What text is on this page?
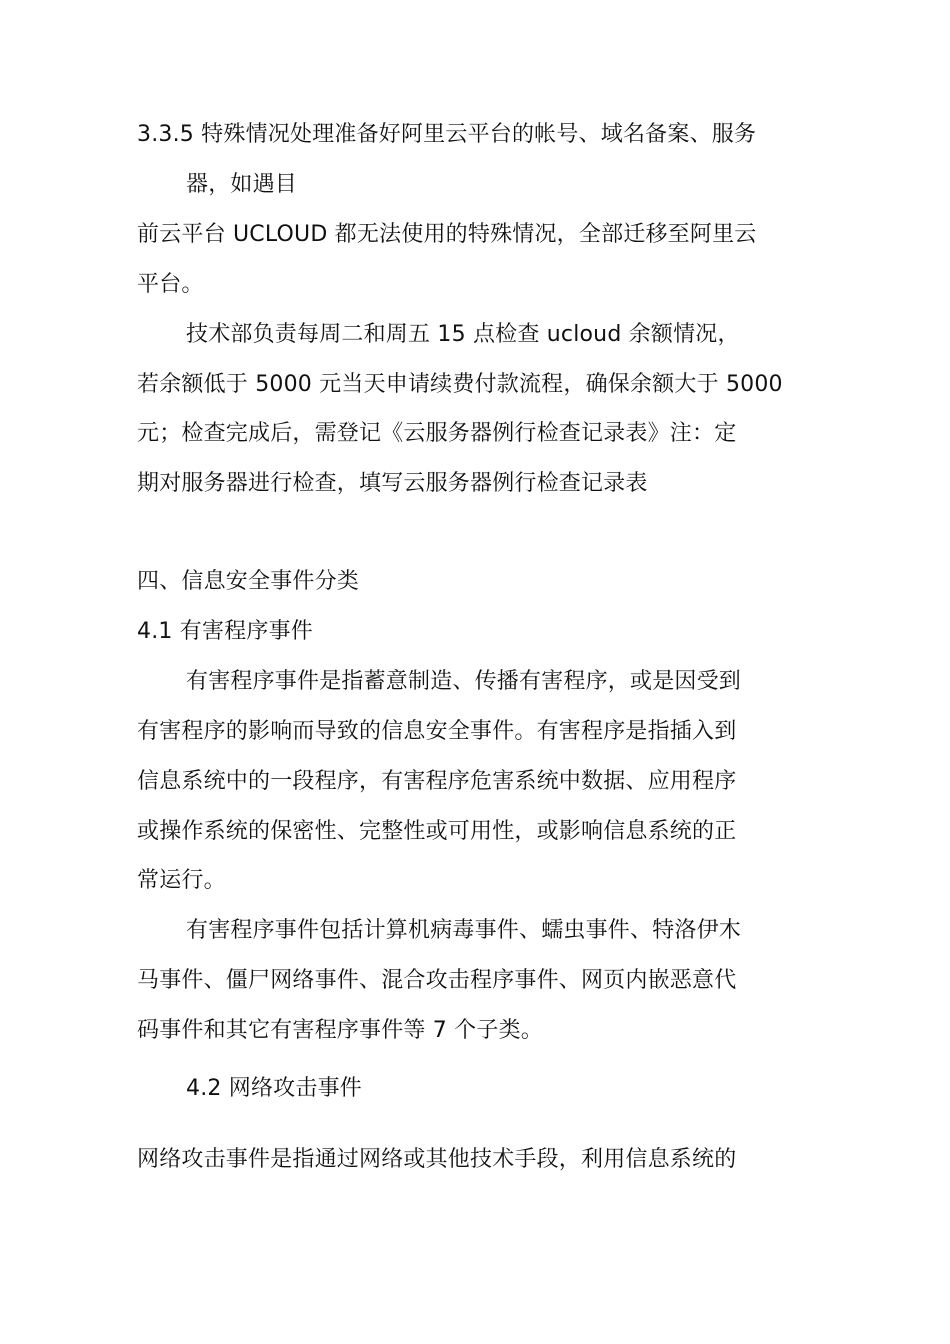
3.3.5 特殊情况处理准备好阿里云平台的帐号、域名备案、服务
器，如遇目
前云平台 UCLOUD 都无法使用的特殊情况，全部迁移至阿里云
平台。
技术部负责每周二和周五 15 点检查 ucloud 余额情况，
若余额低于 5000 元当天申请续费付款流程，确保余额大于 5000
元；检查完成后，需登记《云服务器例行检查记录表》注：定
期对服务器进行检查，填写云服务器例行检查记录表
四、信息安全事件分类
4.1 有害程序事件
有害程序事件是指蓄意制造、传播有害程序，或是因受到
有害程序的影响而导致的信息安全事件。有害程序是指插入到
信息系统中的一段程序，有害程序危害系统中数据、应用程序
或操作系统的保密性、完整性或可用性，或影响信息系统的正
常运行。
有害程序事件包括计算机病毒事件、蠕虫事件、特洛伊木
马事件、僵尸网络事件、混合攻击程序事件、网页内嵌恶意代
码事件和其它有害程序事件等 7 个子类。
4.2 网络攻击事件
网络攻击事件是指通过网络或其他技术手段，利用信息系统的
